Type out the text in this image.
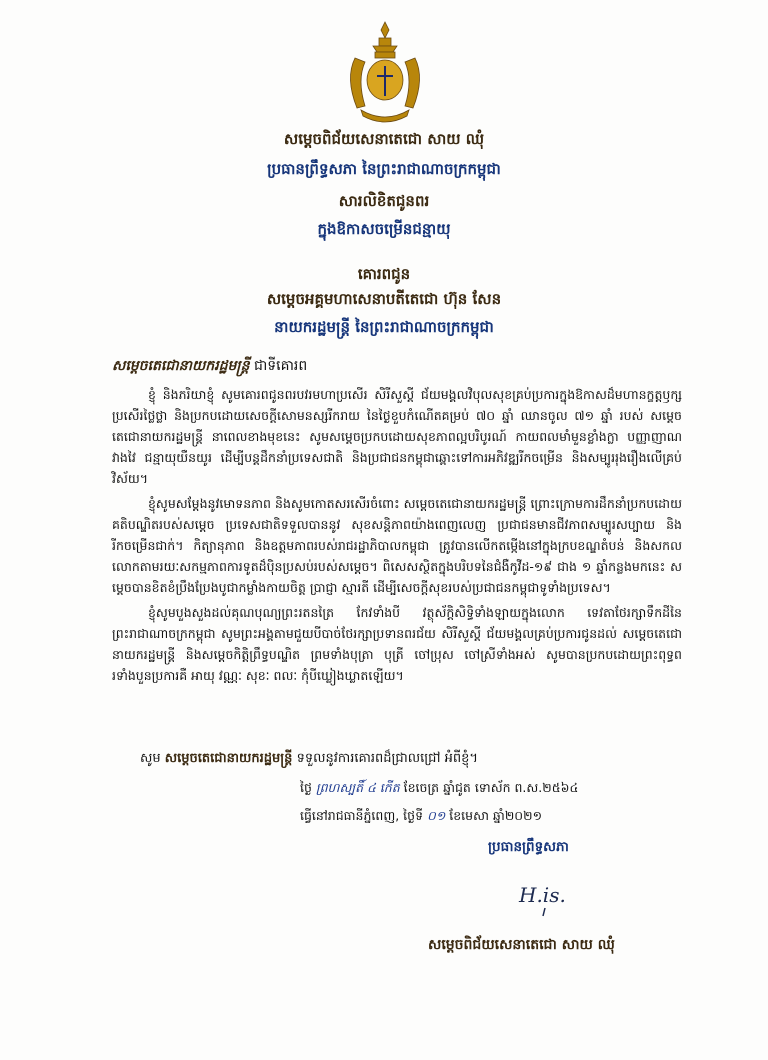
សម្តេចពិជ័យសេនាតេជោ សាយ ឈុំ
ប្រធានព្រឹទ្ធសភា នៃព្រះរាជាណាចក្រកម្ពុជា
សារលិខិតជូនពរ
ក្នុងឱកាសចម្រើនជន្មាយុ
គោរពជូន
សម្តេចអគ្គមហាសេនាបតីតេជោ ហ៊ុន សែន
នាយករដ្ឋមន្រ្តី នៃព្រះរាជាណាចក្រកម្ពុជា
សម្តេចតេជោនាយករដ្ឋមន្រ្តី ជាទីគោរព

ខ្ញុំ និងភរិយាខ្ញុំ សូមគោរពជូនពរបវរមហាប្រសើរ សិរីសួស្តី ជ័យមង្គលវិបុលសុខគ្រប់ប្រការក្នុងឱកាសដ៏មហានក្ខត្តឫក្សប្រសើរថ្លៃថ្លា និងប្រកបដោយសេចក្តីសោមនស្សរីករាយ នៃថ្ងៃខួបកំណើតគម្រប់ ៧០ ឆ្នាំ ឈានចូល ៧១ ឆ្នាំ របស់ សម្តេចតេជោនាយករដ្ឋមន្រ្តី នាពេលខាងមុខនេះ សូមសម្តេចប្រកបដោយសុខភាពល្អបរិបូរណ៍ កាយពលមាំមួនខ្លាំងក្លា បញ្ញាញាណវាងវៃ ជន្មាយុយឺនយូរ ដើម្បីបន្តដឹកនាំប្រទេសជាតិ និងប្រជាជនកម្ពុជាឆ្ពោះទៅការអភិវឌ្ឍរីកចម្រើន និងសម្បូររុងរឿងលើគ្រប់វិស័យ។

ខ្ញុំសូមសម្តែងនូវមោទនភាព និងសូមកោតសរសើរចំពោះ សម្តេចតេជោនាយករដ្ឋមន្រ្តី ព្រោះក្រោមការដឹកនាំប្រកបដោយគតិបណ្ឌិតរបស់សម្តេច ប្រទេសជាតិទទួលបាននូវ សុខសន្តិភាពយ៉ាងពេញលេញ ប្រជាជនមានជីវភាពសម្បូរសប្បាយ និងរីកចម្រើនជាក់។ កិត្យានុភាព និងឧត្តមភាពរបស់រាជរដ្ឋាភិបាលកម្ពុជា ត្រូវបានលើកតម្កើងនៅក្នុងក្របខណ្ឌតំបន់ និងសកលលោកតាមរយៈសកម្មភាពការទូតដ៏ប៉ិនប្រសប់របស់សម្តេច។ ពិសេសស្ថិតក្នុងបរិបទនៃជំងឺកូវីដ-១៩ ជាង ១ ឆ្នាំកន្លងមកនេះ សម្តេចបានខិតខំប្រឹងប្រែងបូជាកម្លាំងកាយចិត្ត ប្រាជ្ញា ស្មារតី ដើម្បីសេចក្តីសុខរបស់ប្រជាជនកម្ពុជាទូទាំងប្រទេស។

ខ្ញុំសូមបួងសួងដល់គុណបុណ្យព្រះរតនត្រៃ កែវទាំងបី វត្ថុស័ក្តិសិទ្ធិទាំងឡាយក្នុងលោក ទេវតាថែរក្សាទឹកដីនៃព្រះរាជាណាចក្រកម្ពុជា សូមព្រះអង្គតាមជួយបីបាច់ថែរក្សាប្រទានពរជ័យ សិរីសួស្តី ជ័យមង្គលគ្រប់ប្រការជូនដល់ សម្តេចតេជោនាយករដ្ឋមន្រ្តី និងសម្តេចកិត្តិព្រឹទ្ធបណ្ឌិត ព្រមទាំងបុត្រា បុត្រី ចៅប្រុស ចៅស្រីទាំងអស់ សូមបានប្រកបដោយព្រះពុទ្ធពរទាំងបួនប្រការគឺ អាយុ វណ្ណៈ សុខៈ ពលៈ កុំបីឃ្លៀងឃ្លាតឡើយ។

សូម សម្តេចតេជោនាយករដ្ឋមន្រ្តី ទទួលនូវការគោរពដ៏ជ្រាលជ្រៅ អំពីខ្ញុំ។
ថ្ងៃ ព្រហស្បតិ៍ ៤ កើត ខែចេត្រ ឆ្នាំជូត ទោស័ក ព.ស.២៥៦៤
ធ្វើនៅរាជធានីភ្នំពេញ, ថ្ងៃទី ០១ ខែមេសា ឆ្នាំ២០២១
ប្រធានព្រឹទ្ធសភា
H.is.
សម្តេចពិជ័យសេនាតេជោ សាយ ឈុំ
